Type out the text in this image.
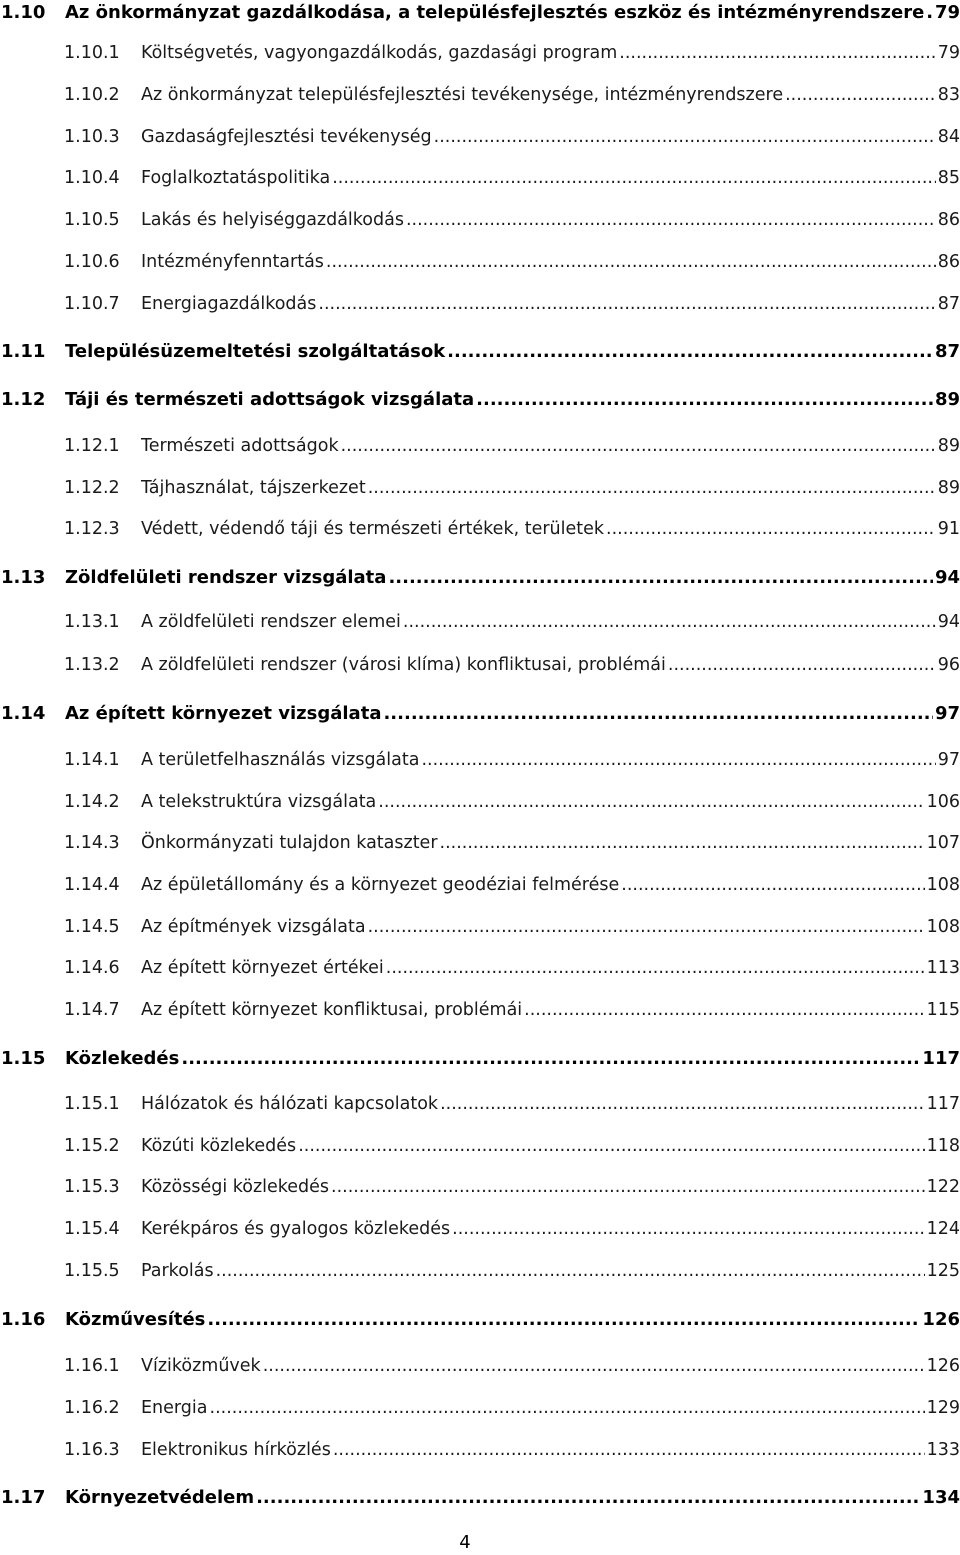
1.10	Az önkormányzat gazdálkodása, a településfejlesztés eszköz és intézményrendszere ..... 79
1.10.1	Költségvetés, vagyongazdálkodás, gazdasági program .....	79
1.10.2	Az önkormányzat településfejlesztési tevékenysége, intézményrendszere .....	83
1.10.3	Gazdaságfejlesztési tevékenység .....	84
1.10.4	Foglalkoztatáspolitika .....	85
1.10.5	Lakás és helyiséggazdálkodás .....	86
1.10.6	Intézményfenntartás .....	86
1.10.7	Energiagazdálkodás .....	87
1.11	Településüzemeltetési szolgáltatások .....	87
1.12	Táji és természeti adottságok vizsgálata .....	89
1.12.1	Természeti adottságok .....	89
1.12.2	Tájhasználat, tájszerkezet .....	89
1.12.3	Védett, védendő táji és természeti értékek, területek .....	91
1.13	Zöldfelületi rendszer vizsgálata .....	94
1.13.1	A zöldfelületi rendszer elemei .....	94
1.13.2	A zöldfelületi rendszer (városi klíma) konfliktusai, problémái .....	96
1.14	Az épített környezet vizsgálata .....	97
1.14.1	A területfelhasználás vizsgálata .....	97
1.14.2	A telekstruktúra vizsgálata .....	106
1.14.3	Önkormányzati tulajdon kataszter .....	107
1.14.4	Az épületállomány és a környezet geodéziai felmérése .....	108
1.14.5	Az építmények vizsgálata .....	108
1.14.6	Az épített környezet értékei .....	113
1.14.7	Az épített környezet konfliktusai, problémái .....	115
1.15	Közlekedés .....	117
1.15.1	Hálózatok és hálózati kapcsolatok .....	117
1.15.2	Közúti közlekedés .....	118
1.15.3	Közösségi közlekedés .....	122
1.15.4	Kerékpáros és gyalogos közlekedés .....	124
1.15.5	Parkolás .....	125
1.16	Közművesítés .....	126
1.16.1	Víziközművek .....	126
1.16.2	Energia .....	129
1.16.3	Elektronikus hírközlés .....	133
1.17	Környezetvédelem .....	134
4
